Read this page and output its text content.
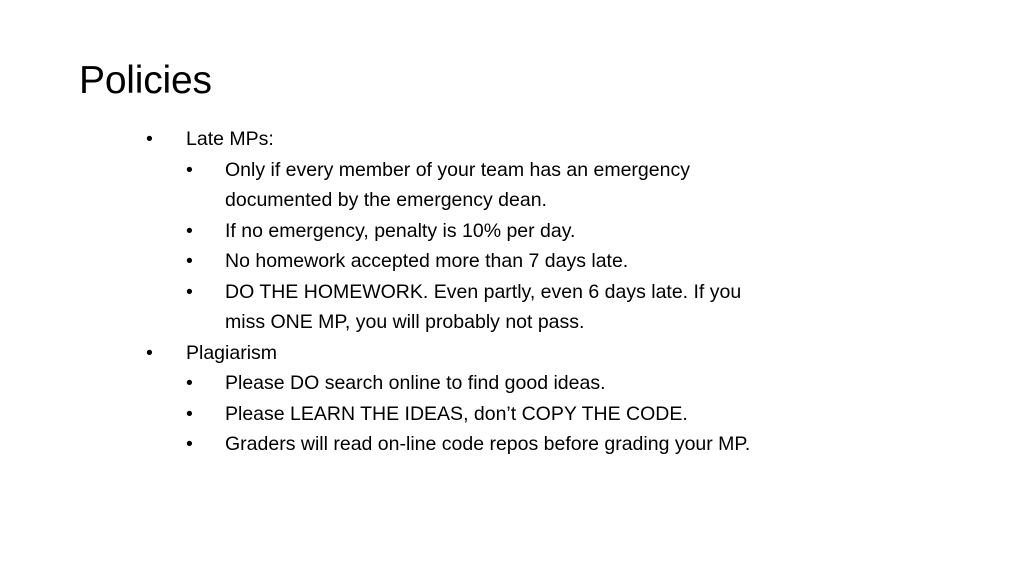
Policies
• Late MPs:
• Only if every member of your team has an emergency
documented by the emergency dean.
• If no emergency, penalty is 10% per day.
• No homework accepted more than 7 days late.
• DO THE HOMEWORK. Even partly, even 6 days late. If you
miss ONE MP, you will probably not pass.
• Plagiarism
• Please DO search online to find good ideas.
• Please LEARN THE IDEAS, don’t COPY THE CODE.
• Graders will read on-line code repos before grading your MP.
